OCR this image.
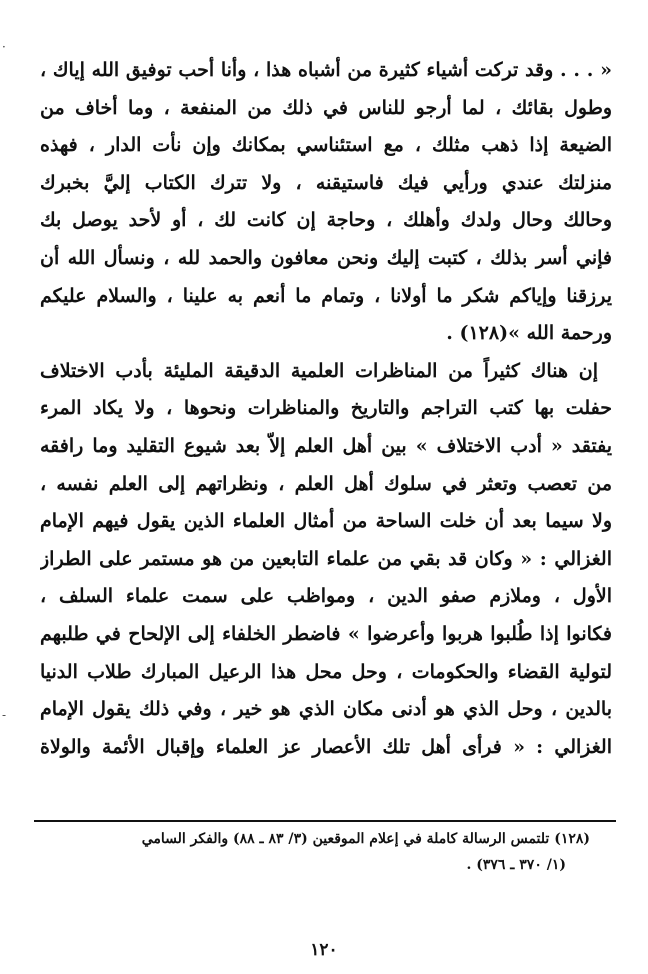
« . . . وقد تركت أشياء كثيرة من أشباه هذا ، وأنا أحب توفيق الله إياك ،
وطول بقائك ، لما أرجو للناس في ذلك من المنفعة ، وما أخاف من
الضيعة إذا ذهب مثلك ، مع استئناسي بمكانك وإن نأت الدار ، فهذه
منزلتك عندي ورأيي فيك فاستيقنه ، ولا تترك الكتاب إليَّ بخبرك
وحالك وحال ولدك وأهلك ، وحاجة إن كانت لك ، أو لأحد يوصل بك
فإني أسر بذلك ، كتبت إليك ونحن معافون والحمد لله ، ونسأل الله أن
يرزقنا وإياكم شكر ما أولانا ، وتمام ما أنعم به علينا ، والسلام عليكم
ورحمة الله »(١٢٨) .
إن هناك كثيراً من المناظرات العلمية الدقيقة المليئة بأدب الاختلاف
حفلت بها كتب التراجم والتاريخ والمناظرات ونحوها ، ولا يكاد المرء
يفتقد « أدب الاختلاف » بين أهل العلم إلاّ بعد شيوع التقليد وما رافقه
من تعصب وتعثر في سلوك أهل العلم ، ونظراتهم إلى العلم نفسه ،
ولا سيما بعد أن خلت الساحة من أمثال العلماء الذين يقول فيهم الإمام
الغزالي : « وكان قد بقي من علماء التابعين من هو مستمر على الطراز
الأول ، وملازم صفو الدين ، ومواظب على سمت علماء السلف ،
فكانوا إذا طُلبوا هربوا وأعرضوا » فاضطر الخلفاء إلى الإلحاح في طلبهم
لتولية القضاء والحكومات ، وحل محل هذا الرعيل المبارك طلاب الدنيا
بالدين ، وحل الذي هو أدنى مكان الذي هو خير ، وفي ذلك يقول الإمام
الغزالي : « فرأى أهل تلك الأعصار عز العلماء وإقبال الأئمة والولاة
(١٢٨) تلتمس الرسالة كاملة في إعلام الموقعين (٣/ ٨٣ ـ ٨٨) والفكر السامي
(١/ ٣٧٠ ـ ٣٧٦) .
١٢٠
·
-
